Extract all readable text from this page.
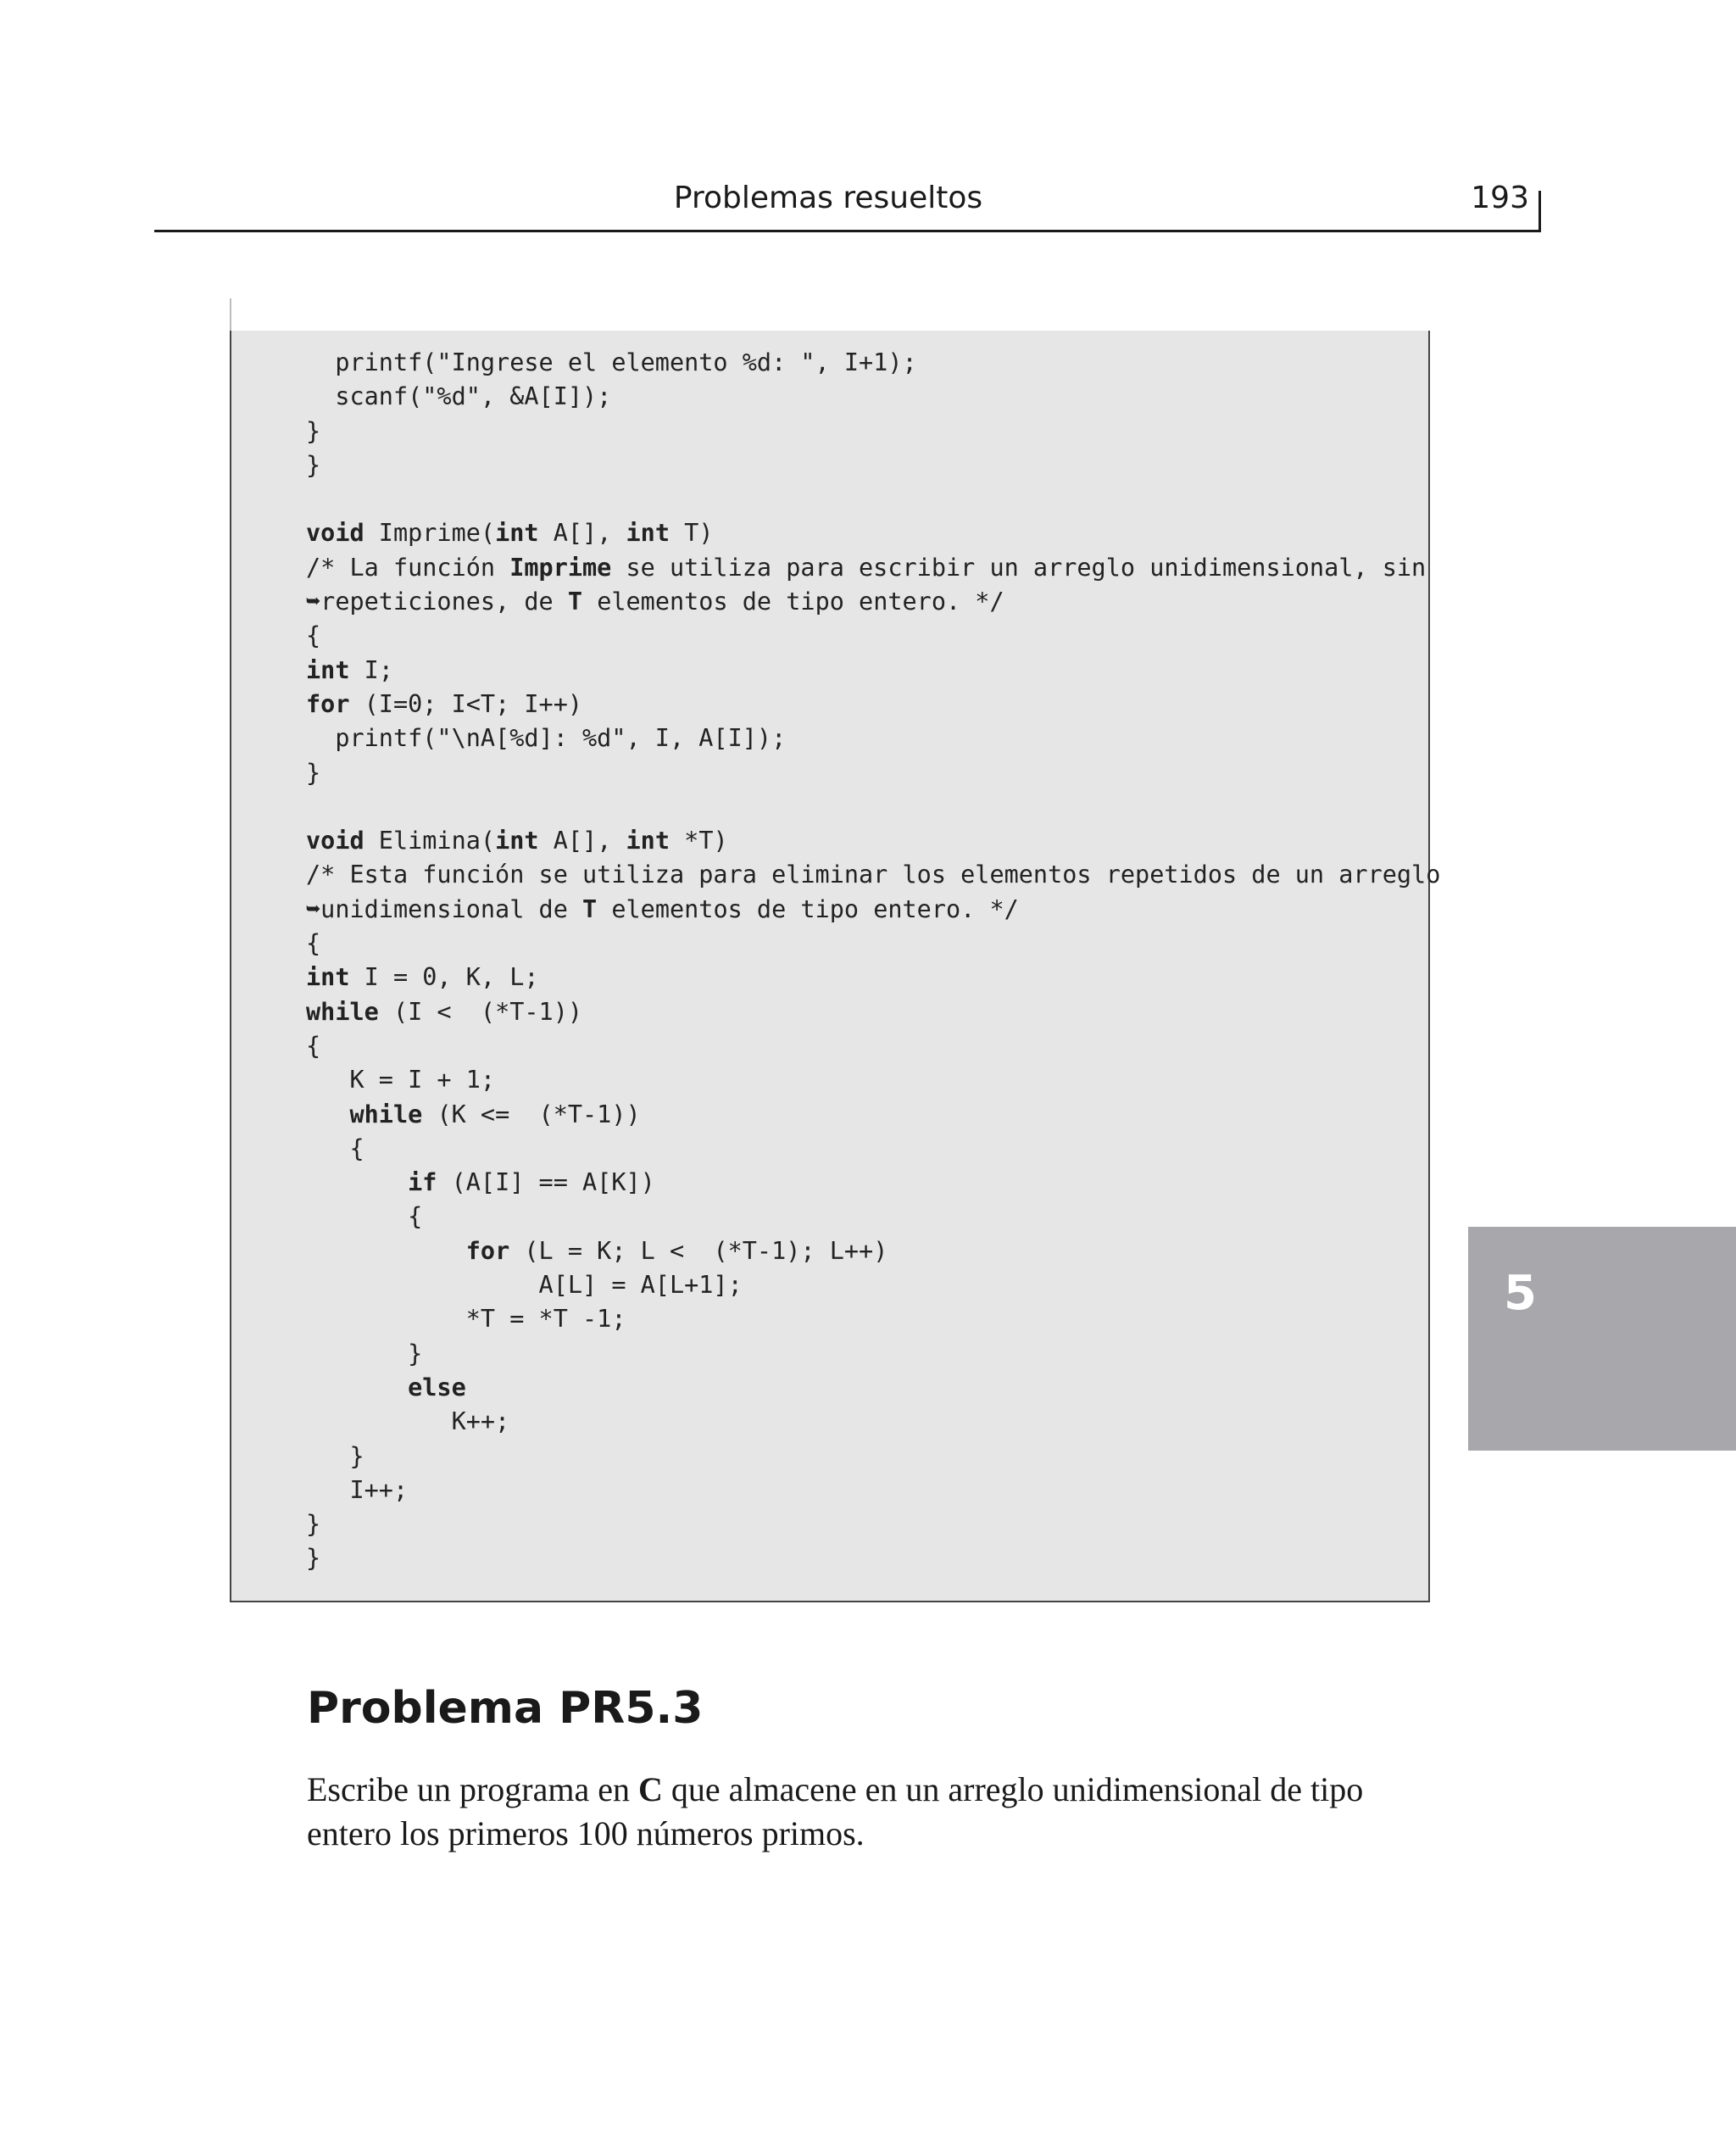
Problemas resueltos	193
printf("Ingrese el elemento %d: ", I+1);
scanf("%d", &A[I]);
}
}
void Imprime(int A[], int T)
/* La función Imprime se utiliza para escribir un arreglo unidimensional, sin
➥repeticiones, de T elementos de tipo entero. */
{
int I;
for (I=0; I<T; I++)
printf("\nA[%d]: %d", I, A[I]);
}
void Elimina(int A[], int *T)
/* Esta función se utiliza para eliminar los elementos repetidos de un arreglo
➥unidimensional de T elementos de tipo entero. */
{
int I = 0, K, L;
while (I <  (*T-1))
{
K = I + 1;
while (K <=  (*T-1))
{
if (A[I] == A[K])
{
for (L = K; L <  (*T-1); L++)
A[L] = A[L+1];
*T = *T -1;
}
else
K++;
}
I++;
}
}
5
Problema PR5.3

Escribe un programa en C que almacene en un arreglo unidimensional de tipo entero los primeros 100 números primos.
